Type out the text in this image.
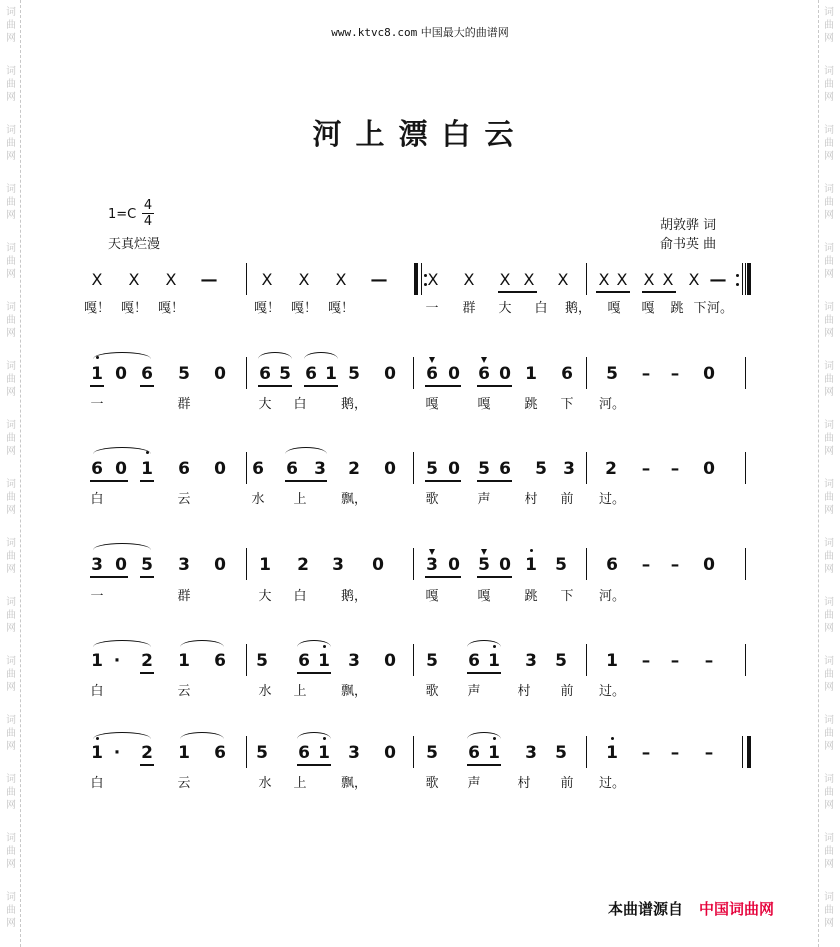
词
曲
网
词
曲
网
词
曲
网
词
曲
网
词
曲
网
词
曲
网
词
曲
网
词
曲
网
词
曲
网
词
曲
网
词
曲
网
词
曲
网
词
曲
网
词
曲
网
词
曲
网
词
曲
网
词
曲
网
词
曲
网
词
曲
网
词
曲
网
词
曲
网
词
曲
网
词
曲
网
词
曲
网
词
曲
网
词
曲
网
词
曲
网
词
曲
网
词
曲
网
词
曲
网
词
曲
网
词
曲
网
www.ktvc8.com 中国最大的曲谱网
河上漂白云
$1=C \frac{4}{4}$
天真烂漫
胡敦骅 词
俞书英 曲
X X X —	X X X —	X X X X X X X X X X —
嘎！ 嘎！ 嘎！	嘎！ 嘎！ 嘎！	一	群	大	白	鹅，	嘎	嘎	跳 下 河。
1 0 6 5 0 6 5 6 1 5 0 6 0 6 0 1 6 5	–	–	0
一	群	大	白	鹅，	嘎	嘎	跳	下	河。
6 0 1 6 0 6 6 3 2 0 5 0 5 6 5 3 2	–	–	0
白	云	水	上	飘，	歌	声	村	前	过。
3 0 5 3 0 1 2 3 0 3 0 5 0 1 5 6	–	–	0
一	群	大	白	鹅，	嘎	嘎	跳	下	河。
1 ·	2 1 6 5 6 1 3 0 5 6 1 3 5 1	–	–	–
白	云	水	上	飘，	歌	声	村	前	过。
1 ·	2 1 6 5 6 1 3 0 5 6 1 3 5 1	–	–	–
白	云	水	上	飘，	歌	声	村	前	过。
本曲谱源自 中国词曲网
